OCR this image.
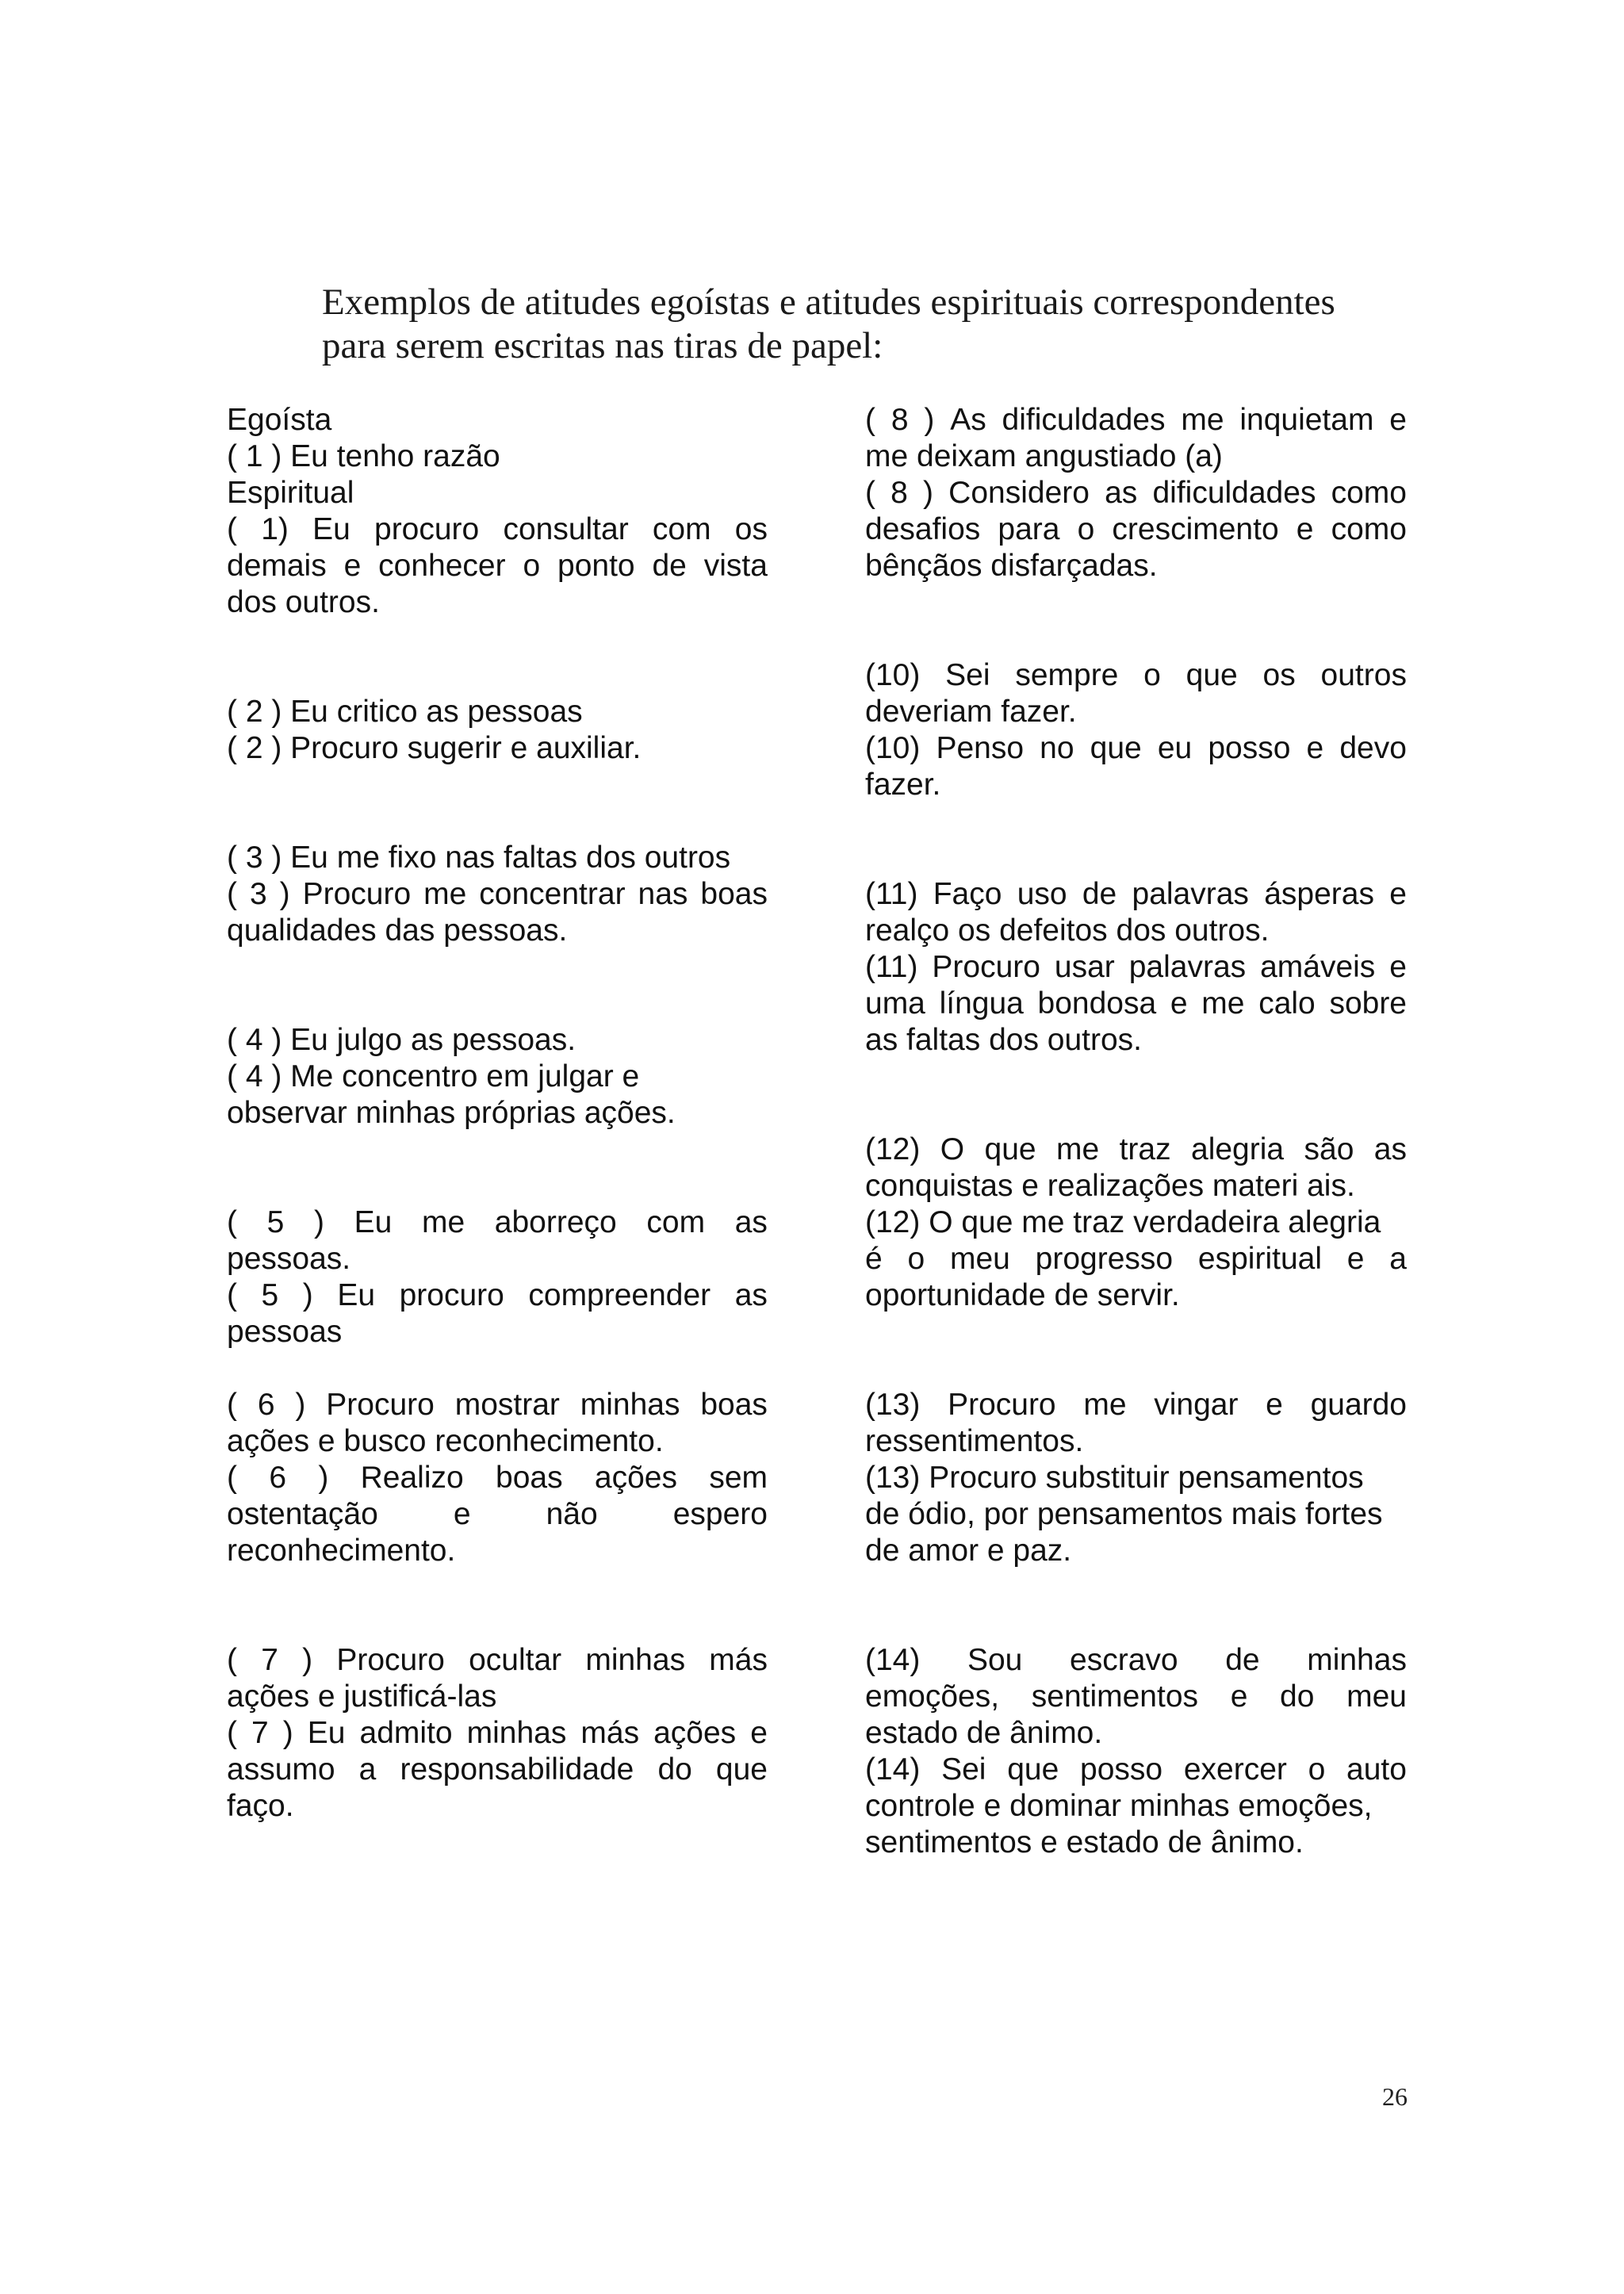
Exemplos de atitudes egoístas e atitudes espirituais correspondentes
para serem escritas nas tiras de papel:
Egoísta
( 1 ) Eu tenho razão
Espiritual
( 1) Eu procuro consultar com os
demais e conhecer o ponto de vista
dos outros.
( 2 ) Eu critico as pessoas
( 2 ) Procuro sugerir e auxiliar.
( 3 ) Eu me fixo nas faltas dos outros
( 3 ) Procuro me concentrar nas boas
qualidades das pessoas.
( 4 ) Eu julgo as pessoas.
( 4 ) Me concentro em julgar e
observar minhas próprias ações.
( 5 ) Eu me aborreço com as
pessoas.
( 5 ) Eu procuro compreender as
pessoas
( 6 ) Procuro mostrar minhas boas
ações e busco reconhecimento.
( 6 ) Realizo boas ações sem
ostentação e não espero
reconhecimento.
( 7 ) Procuro ocultar minhas más
ações e justificá-las
( 7 ) Eu admito minhas más ações e
assumo a responsabilidade do que
faço.
( 8 ) As dificuldades me inquietam e
me deixam angustiado (a)
( 8 ) Considero as dificuldades como
desafios para o crescimento e como
bênçãos disfarçadas.
(10) Sei sempre o que os outros
deveriam fazer.
(10) Penso no que eu posso e devo
fazer.
(11) Faço uso de palavras ásperas e
realço os defeitos dos outros.
(11) Procuro usar palavras amáveis e
uma língua bondosa e me calo sobre
as faltas dos outros.
(12) O que me traz alegria são as
conquistas e realizações materi ais.
(12) O que me traz verdadeira alegria
é o meu progresso espiritual e a
oportunidade de servir.
(13) Procuro me vingar e guardo
ressentimentos.
(13) Procuro substituir pensamentos
de ódio, por pensamentos mais fortes
de amor e paz.
(14) Sou escravo de minhas
emoções, sentimentos e do meu
estado de ânimo.
(14) Sei que posso exercer o auto
controle e dominar minhas emoções,
sentimentos e estado de ânimo.
26
